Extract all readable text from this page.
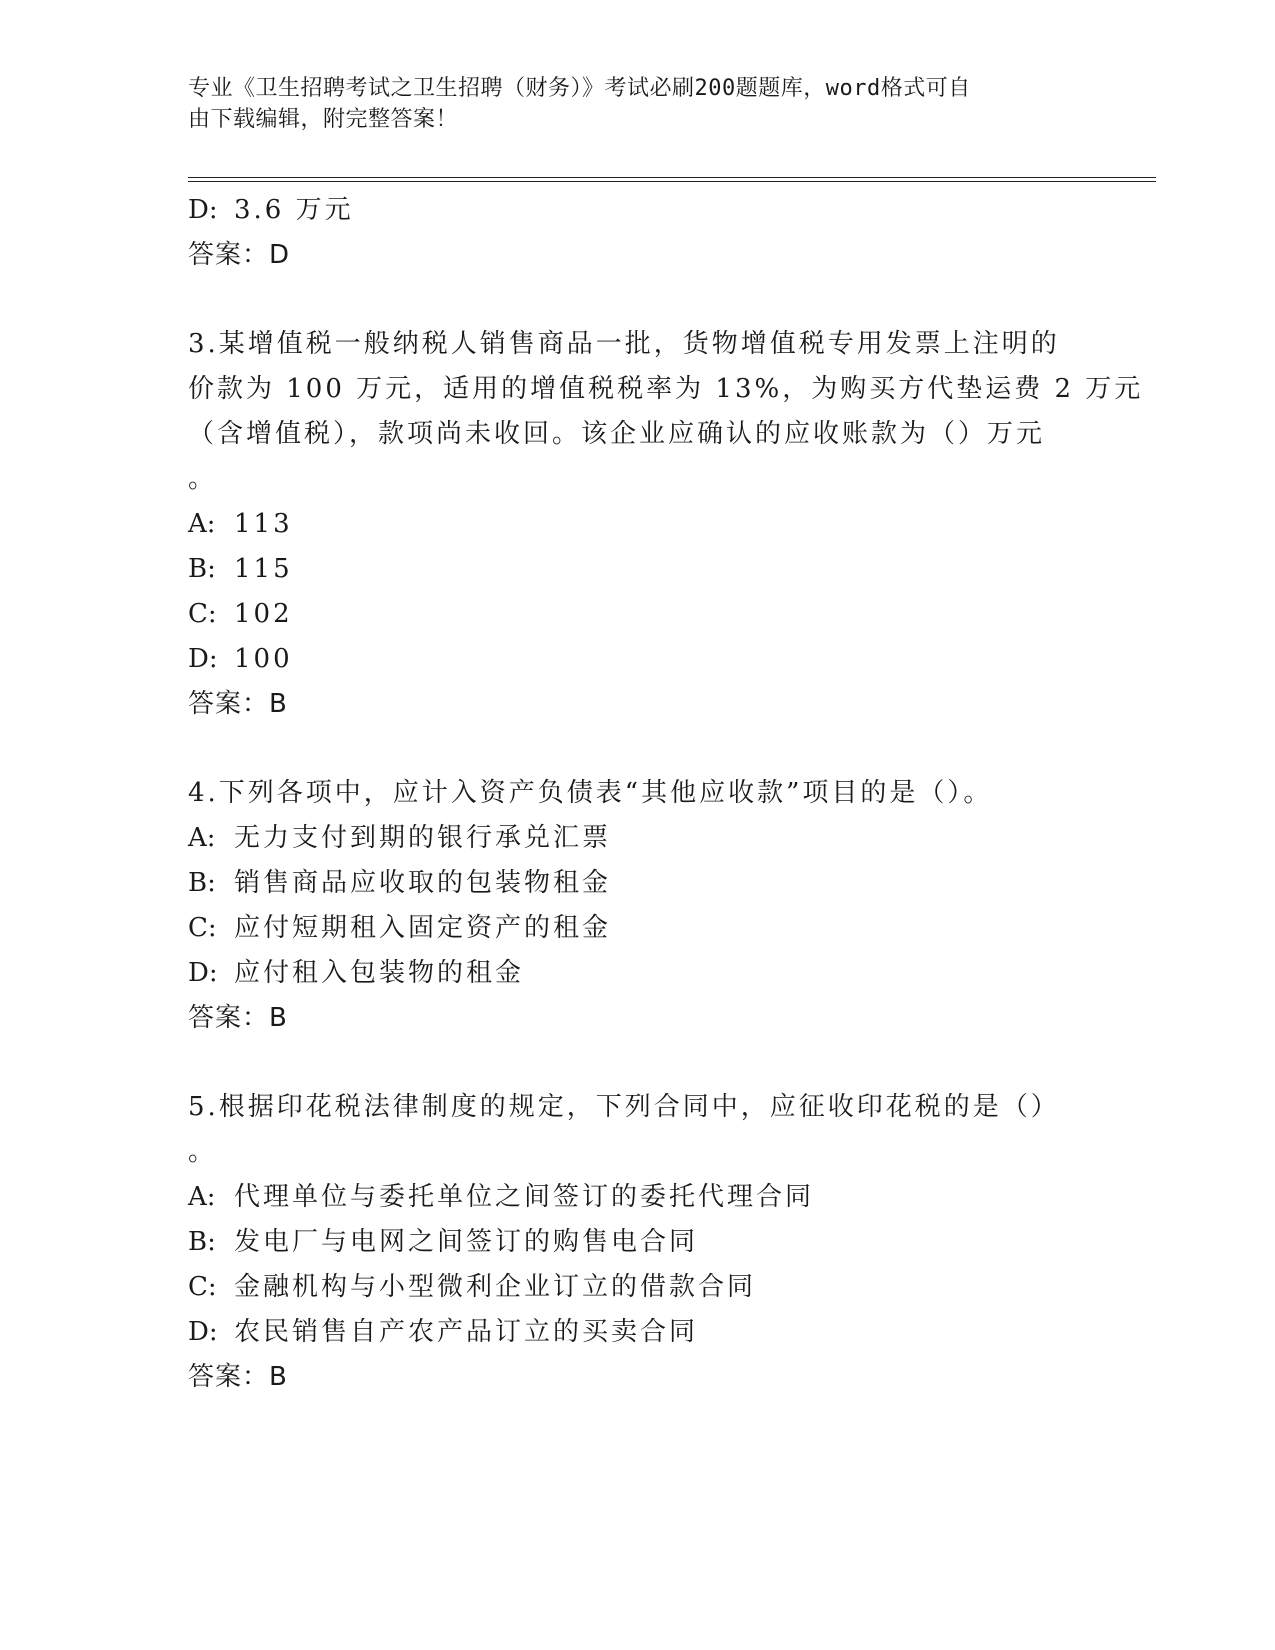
专业《卫生招聘考试之卫生招聘（财务）》考试必刷200题题库，word格式可自
由下载编辑，附完整答案！
D: 3.6 万元
答案：D
3.某增值税一般纳税人销售商品一批，货物增值税专用发票上注明的
价款为 100 万元，适用的增值税税率为 13%，为购买方代垫运费 2 万元
（含增值税），款项尚未收回。该企业应确认的应收账款为（）万元
。
A: 113
B: 115
C: 102
D: 100
答案：B
4.下列各项中，应计入资产负债表“其他应收款”项目的是（）。
A: 无力支付到期的银行承兑汇票
B: 销售商品应收取的包装物租金
C: 应付短期租入固定资产的租金
D: 应付租入包装物的租金
答案：B
5.根据印花税法律制度的规定，下列合同中，应征收印花税的是（）
。
A: 代理单位与委托单位之间签订的委托代理合同
B: 发电厂与电网之间签订的购售电合同
C: 金融机构与小型微利企业订立的借款合同
D: 农民销售自产农产品订立的买卖合同
答案：B
